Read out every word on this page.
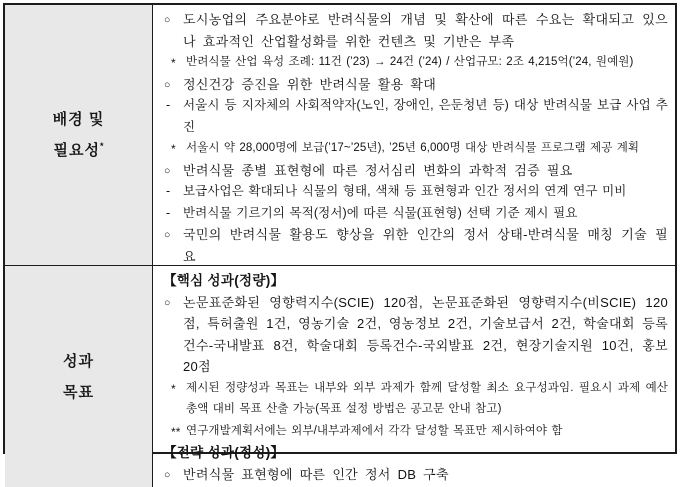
배경 및
필요성*
○ 도시농업의 주요분야로 반려식물의 개념 및 확산에 따른 수요는 확대되고 있으나 효과적인 산업활성화를 위한 컨텐츠 및 기반은 부족
* 반려식물 산업 육성 조례: 11건 (’23) → 24건 (’24) / 산업규모: 2조 4,215억(’24, 원예원)
○ 정신건강 증진을 위한 반려식물 활용 확대
- 서울시 등 지자체의 사회적약자(노인, 장애인, 은둔청년 등) 대상 반려식물 보급 사업 추진
* 서울시 약 28,000명에 보급(’17~’25년), ’25년 6,000명 대상 반려식물 프로그램 제공 계획
○ 반려식물 종별 표현형에 따른 정서심리 변화의 과학적 검증 필요
- 보급사업은 확대되나 식물의 형태, 색채 등 표현형과 인간 정서의 연계 연구 미비
- 반려식물 기르기의 목적(정서)에 따른 식물(표현형) 선택 기준 제시 필요
○ 국민의 반려식물 활용도 향상을 위한 인간의 정서 상태-반려식물 매칭 기술 필요
성과
목표
【핵심 성과(정량)】
○ 논문표준화된 영향력지수(SCIE) 120점, 논문표준화된 영향력지수(비SCIE) 120점, 특허출원 1건, 영농기술 2건, 영농정보 2건, 기술보급서 2건, 학술대회 등록건수-국내발표 8건, 학술대회 등록건수-국외발표 2건, 현장기술지원 10건, 홍보 20점
* 제시된 정량성과 목표는 내부와 외부 과제가 함께 달성할 최소 요구성과임. 필요시 과제 예산 총액 대비 목표 산출 가능(목표 설정 방법은 공고문 안내 참고)
** 연구개발계획서에는 외부/내부과제에서 각각 달성할 목표만 제시하여야 함
【전략 성과(정성)】
○ 반려식물 표현형에 따른 인간 정서 DB 구축
